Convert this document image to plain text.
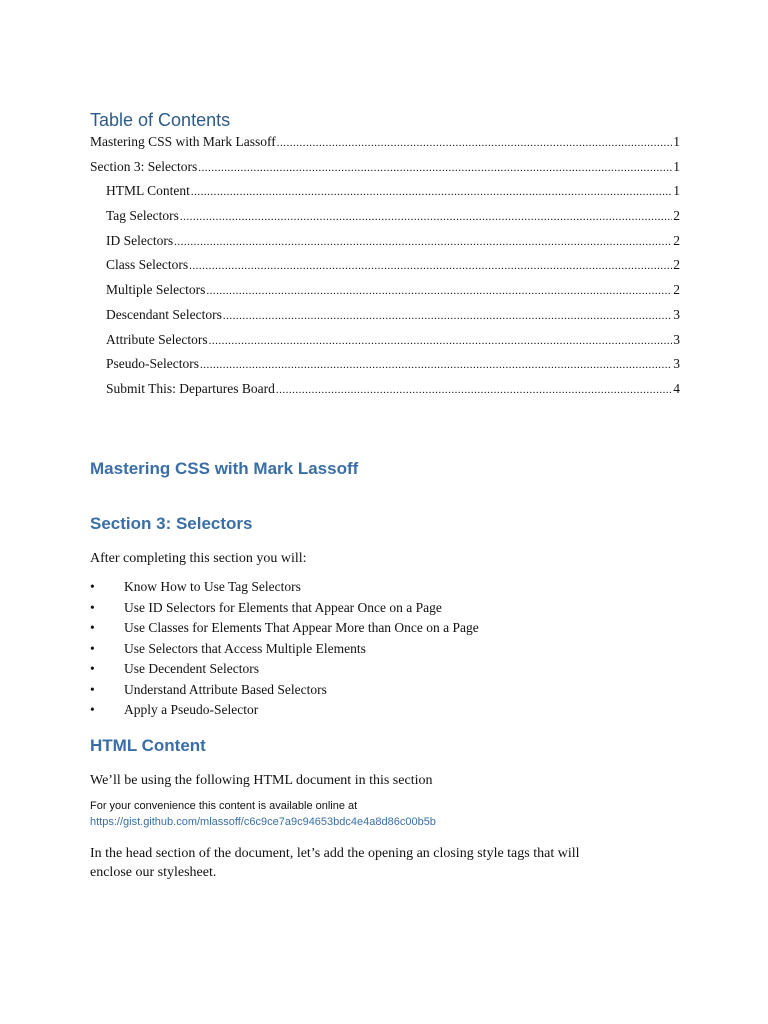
Table of Contents
Mastering CSS with Mark Lassoff .....	1
Section 3: Selectors .....	1
HTML Content .....	1
Tag Selectors .....	2
ID Selectors .....	2
Class Selectors .....	2
Multiple Selectors .....	2
Descendant Selectors .....	3
Attribute Selectors .....	3
Pseudo-Selectors .....	3
Submit This: Departures Board .....	4
Mastering CSS with Mark Lassoff
Section 3: Selectors

After completing this section you will:

•	Know How to Use Tag Selectors
•	Use ID Selectors for Elements that Appear Once on a Page
•	Use Classes for Elements That Appear More than Once on a Page
•	Use Selectors that Access Multiple Elements
•	Use Decendent Selectors
•	Understand Attribute Based Selectors
•	Apply a Pseudo-Selector
HTML Content

We’ll be using the following HTML document in this section

For your convenience this content is available online at

https://gist.github.com/mlassoff/c6c9ce7a9c94653bdc4e4a8d86c00b5b

In the head section of the document, let’s add the opening an closing style tags that will

enclose our stylesheet.
